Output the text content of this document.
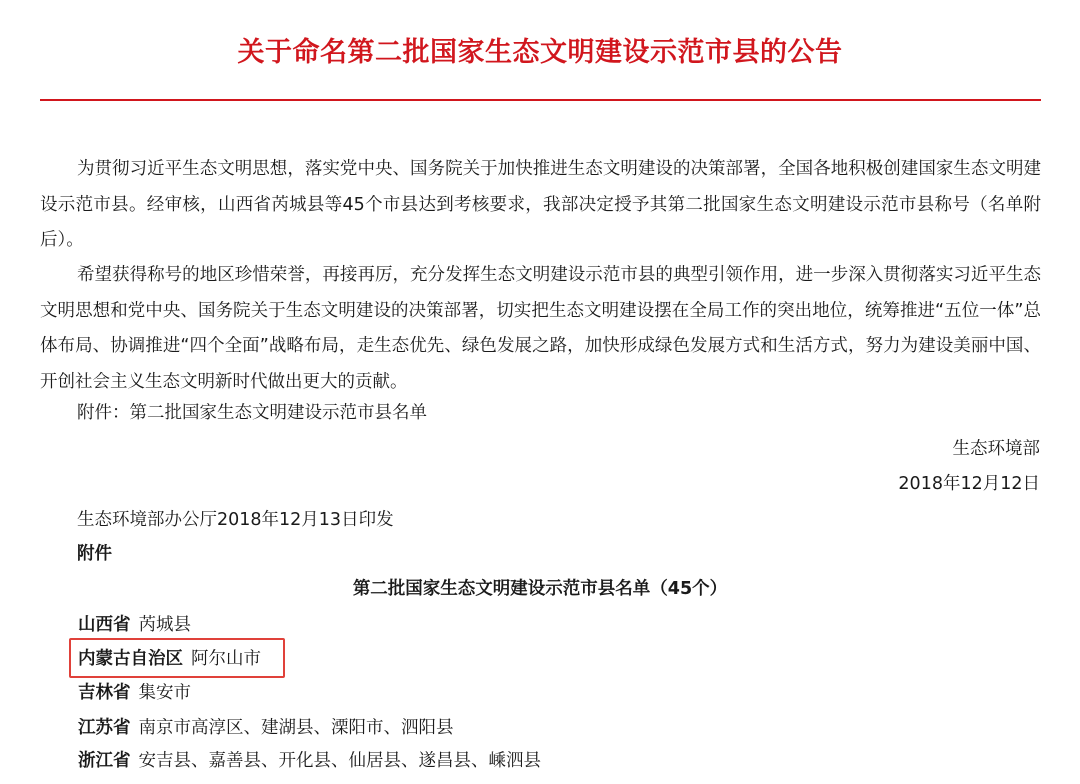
关于命名第二批国家生态文明建设示范市县的公告

为贯彻习近平生态文明思想，落实党中央、国务院关于加快推进生态文明建设的决策部署，全国各地积极创建国家生态文明建设示范市县。经审核，山西省芮城县等45个市县达到考核要求，我部决定授予其第二批国家生态文明建设示范市县称号（名单附后）。

希望获得称号的地区珍惜荣誉，再接再厉，充分发挥生态文明建设示范市县的典型引领作用，进一步深入贯彻落实习近平生态文明思想和党中央、国务院关于生态文明建设的决策部署，切实把生态文明建设摆在全局工作的突出地位，统筹推进“五位一体”总体布局、协调推进“四个全面”战略布局，走生态优先、绿色发展之路，加快形成绿色发展方式和生活方式，努力为建设美丽中国、开创社会主义生态文明新时代做出更大的贡献。

附件：第二批国家生态文明建设示范市县名单
生态环境部
2018年12月12日
生态环境部办公厅2018年12月13日印发
附件
第二批国家生态文明建设示范市县名单（45个）
山西省 芮城县
内蒙古自治区 阿尔山市
吉林省 集安市
江苏省 南京市高淳区、建湖县、溧阳市、泗阳县
浙江省 安吉县、嘉善县、开化县、仙居县、遂昌县、嵊泗县
